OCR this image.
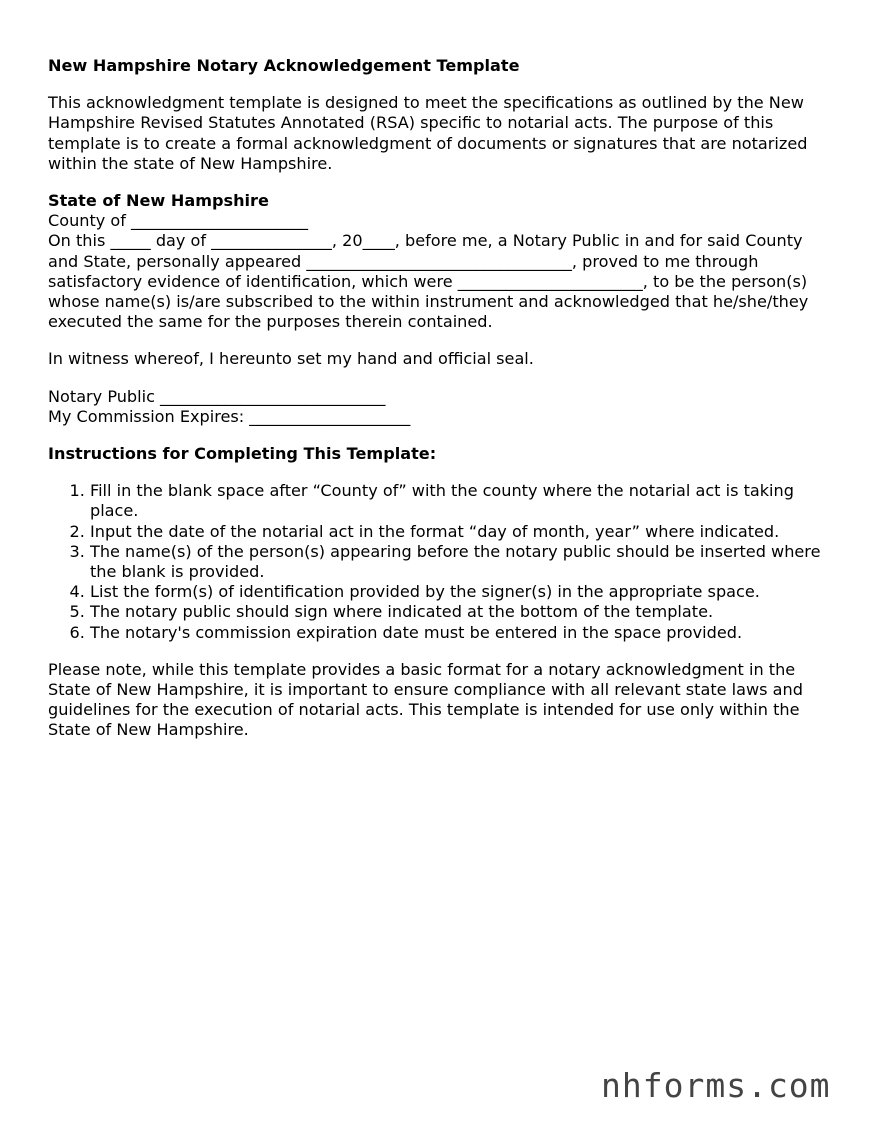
New Hampshire Notary Acknowledgement Template

This acknowledgment template is designed to meet the specifications as outlined by the New Hampshire Revised Statutes Annotated (RSA) specific to notarial acts. The purpose of this template is to create a formal acknowledgment of documents or signatures that are notarized within the state of New Hampshire.

State of New Hampshire

County of ______________________

On this _____ day of _______________, 20____, before me, a Notary Public in and for said County and State, personally appeared _________________________________, proved to me through satisfactory evidence of identification, which were _______________________, to be the person(s) whose name(s) is/are subscribed to the within instrument and acknowledged that he/she/they executed the same for the purposes therein contained.

In witness whereof, I hereunto set my hand and official seal.

Notary Public ____________________________

My Commission Expires: ____________________

Instructions for Completing This Template:

1. Fill in the blank space after “County of” with the county where the notarial act is taking place.
2. Input the date of the notarial act in the format “day of month, year” where indicated.
3. The name(s) of the person(s) appearing before the notary public should be inserted where the blank is provided.
4. List the form(s) of identification provided by the signer(s) in the appropriate space.
5. The notary public should sign where indicated at the bottom of the template.
6. The notary's commission expiration date must be entered in the space provided.

Please note, while this template provides a basic format for a notary acknowledgment in the State of New Hampshire, it is important to ensure compliance with all relevant state laws and guidelines for the execution of notarial acts. This template is intended for use only within the State of New Hampshire.

nhforms.com
